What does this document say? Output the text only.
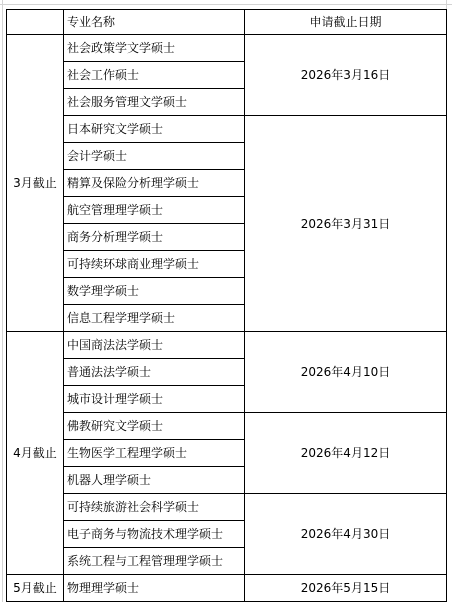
	专业名称	申请截止日期
3月截止	社会政策学文学硕士	2026年3月16日
	社会工作硕士	
	社会服务管理文学硕士	
	日本研究文学硕士	2026年3月31日
	会计学硕士	
	精算及保险分析理学硕士	
	航空管理理学硕士	
	商务分析理学硕士	
	可持续环球商业理学硕士	
	数学理学硕士	
	信息工程学理学硕士	
4月截止	中国商法法学硕士	2026年4月10日
	普通法法学硕士	
	城市设计理学硕士	
	佛教研究文学硕士	2026年4月12日
	生物医学工程理学硕士	
	机器人理学硕士	
	可持续旅游社会科学硕士	2026年4月30日
	电子商务与物流技术理学硕士	
	系统工程与工程管理理学硕士	
5月截止	物理理学硕士	2026年5月15日
